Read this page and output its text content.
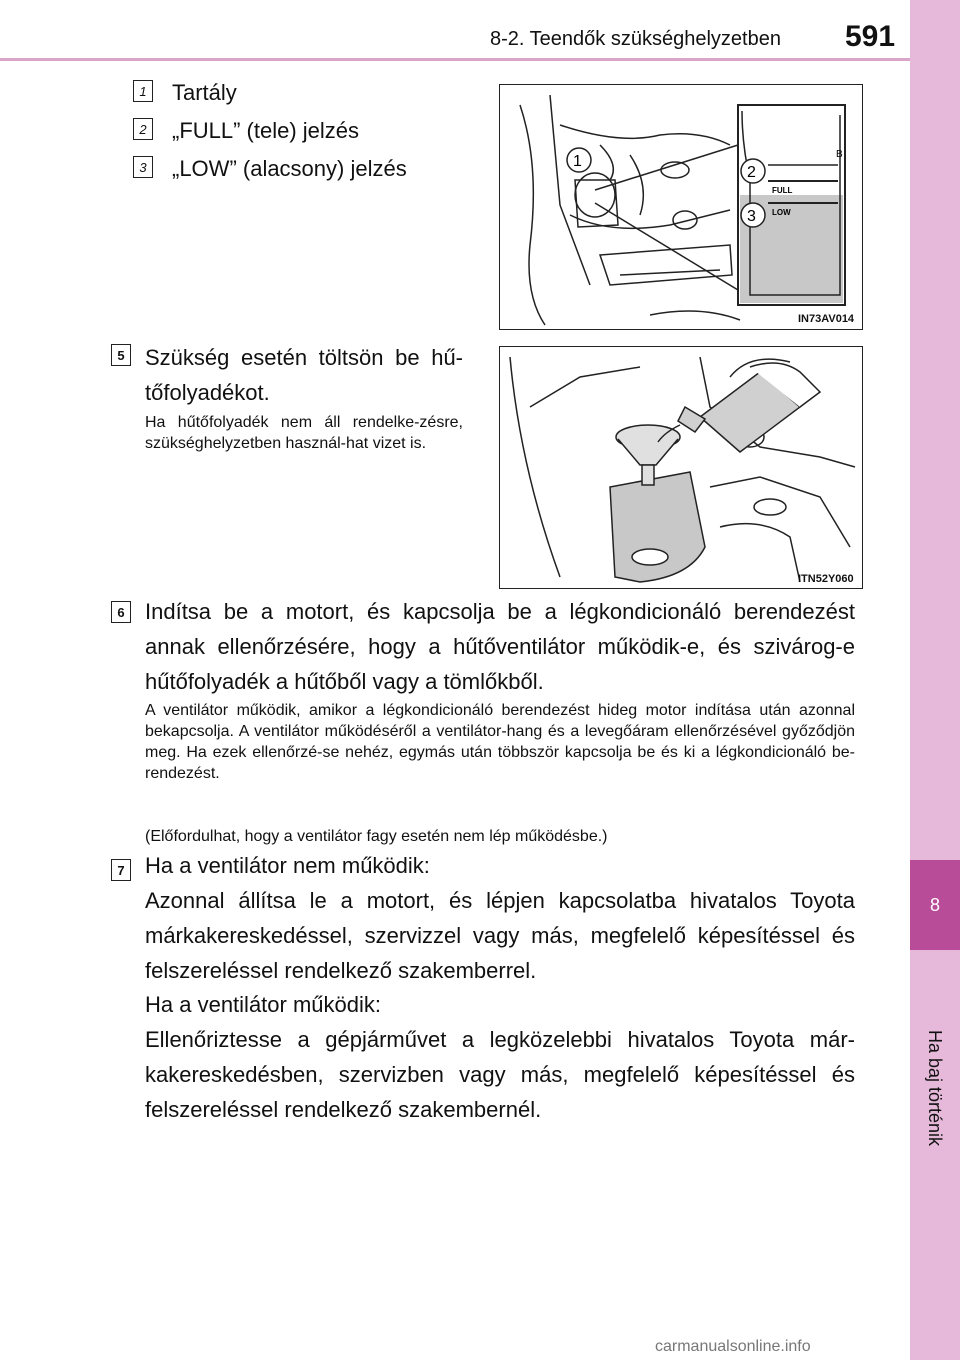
8-2. Teendők szükséghelyzetben 591
8
Ha baj történik
1 Tartály
2 „FULL” (tele) jelzés
3 „LOW” (alacsony) jelzés
FULL
LOW
B
1
2
3
IN73AV014
5 Szükség esetén töltsön be hű-tőfolyadékot.
Ha hűtőfolyadék nem áll rendelke-zésre, szükséghelyzetben használ-hat vizet is.
ITN52Y060
6 Indítsa be a motort, és kapcsolja be a légkondicionáló berendezést annak ellenőrzésére, hogy a hűtőventilátor működik-e, és szivárog-e hűtőfolyadék a hűtőből vagy a tömlőkből.
A ventilátor működik, amikor a légkondicionáló berendezést hideg motor indítása után azonnal bekapcsolja. A ventilátor működéséről a ventilátor-hang és a levegőáram ellenőrzésével győződjön meg. Ha ezek ellenőrzé-se nehéz, egymás után többször kapcsolja be és ki a légkondicionáló be-rendezést.
(Előfordulhat, hogy a ventilátor fagy esetén nem lép működésbe.)
7 Ha a ventilátor nem működik:
Azonnal állítsa le a motort, és lépjen kapcsolatba hivatalos Toyota márkakereskedéssel, szervizzel vagy más, megfelelő képesítéssel és felszereléssel rendelkező szakemberrel.
Ha a ventilátor működik:
Ellenőriztesse a gépjárművet a legközelebbi hivatalos Toyota már-kakereskedésben, szervizben vagy más, megfelelő képesítéssel és felszereléssel rendelkező szakembernél.
carmanualsonline.info
